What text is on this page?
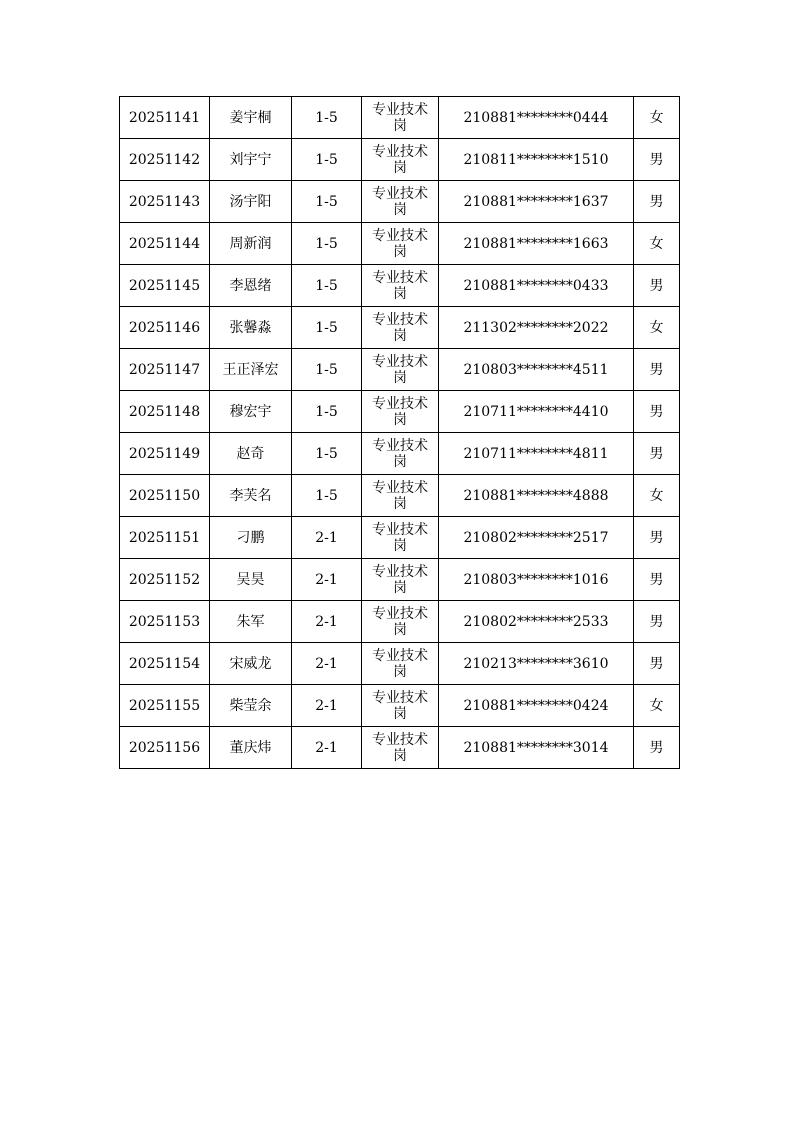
20251141	姜宇桐	1-5	专业技术岗	210881********0444	女
20251142	刘宇宁	1-5	专业技术岗	210811********1510	男
20251143	汤宇阳	1-5	专业技术岗	210881********1637	男
20251144	周新润	1-5	专业技术岗	210881********1663	女
20251145	李恩绪	1-5	专业技术岗	210881********0433	男
20251146	张馨淼	1-5	专业技术岗	211302********2022	女
20251147	王正泽宏	1-5	专业技术岗	210803********4511	男
20251148	穆宏宇	1-5	专业技术岗	210711********4410	男
20251149	赵奇	1-5	专业技术岗	210711********4811	男
20251150	李芙名	1-5	专业技术岗	210881********4888	女
20251151	刁鹏	2-1	专业技术岗	210802********2517	男
20251152	吴昊	2-1	专业技术岗	210803********1016	男
20251153	朱军	2-1	专业技术岗	210802********2533	男
20251154	宋威龙	2-1	专业技术岗	210213********3610	男
20251155	柴莹余	2-1	专业技术岗	210881********0424	女
20251156	董庆炜	2-1	专业技术岗	210881********3014	男
